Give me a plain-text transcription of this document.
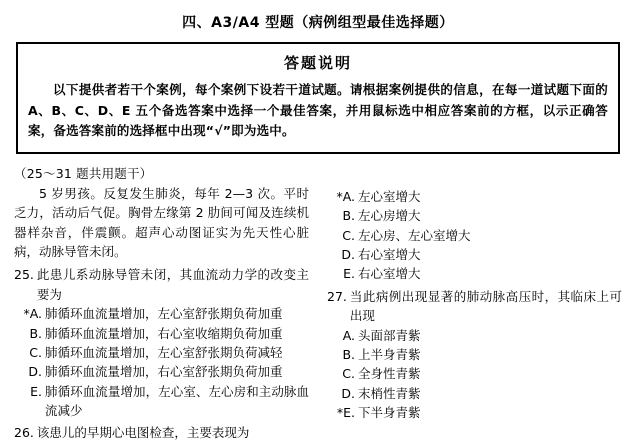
四、A3/A4 型题（病例组型最佳选择题）
答题说明
以下提供者若干个案例，每个案例下设若干道试题。请根据案例提供的信息，在每一道试题下面的 A、B、C、D、E 五个备选答案中选择一个最佳答案，并用鼠标选中相应答案前的方框，以示正确答案，备选答案前的选择框中出现“√”即为选中。
（25～31 题共用题干）
5 岁男孩。反复发生肺炎，每年 2—3 次。平时乏力，活动后气促。胸骨左缘第 2 肋间可闻及连续机器样杂音，伴震颤。超声心动图证实为先天性心脏病，动脉导管未闭。
25. 此患儿系动脉导管未闭，其血流动力学的改变主要为
*A. 肺循环血流量增加，左心室舒张期负荷加重
B. 肺循环血流量增加，右心室收缩期负荷加重
C. 肺循环血流量增加，左心室舒张期负荷减轻
D. 肺循环血流量增加，右心室舒张期负荷加重
E. 肺循环血流量增加，左心室、左心房和主动脉血流减少
26. 该患儿的早期心电图检查，主要表现为
*A. 左心室增大
B. 左心房增大
C. 左心房、左心室增大
D. 右心室增大
E. 右心室增大
27. 当此病例出现显著的肺动脉高压时，其临床上可出现
A. 头面部青紫
B. 上半身青紫
C. 全身性青紫
D. 末梢性青紫
*E. 下半身青紫
